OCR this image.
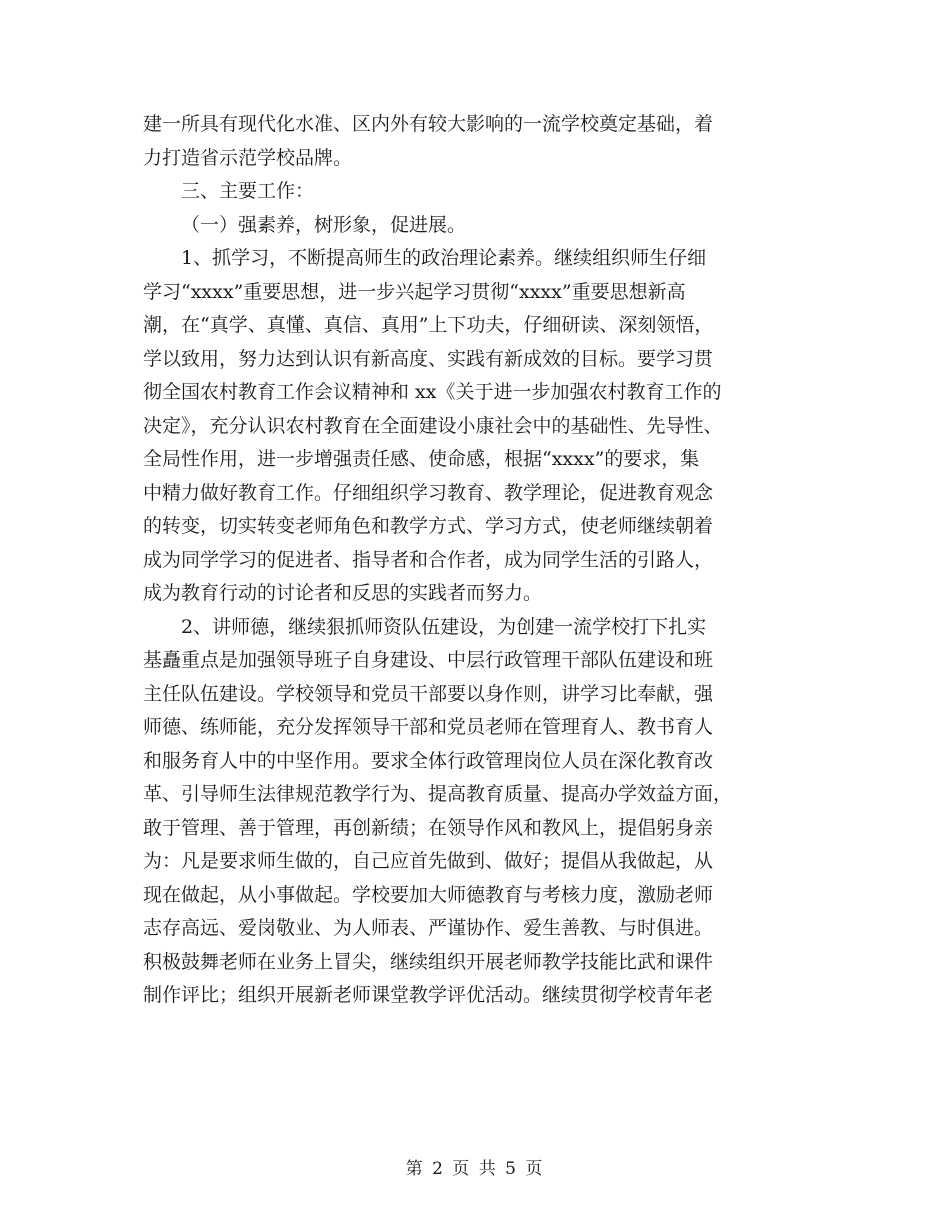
建一所具有现代化水准、区内外有较大影响的一流学校奠定基础，着
力打造省示范学校品牌。
三、主要工作：
（一）强素养，树形象，促进展。
1、抓学习，不断提高师生的政治理论素养。继续组织师生仔细
学习“xxxx”重要思想，进一步兴起学习贯彻“xxxx”重要思想新高
潮，在“真学、真懂、真信、真用”上下功夫，仔细研读、深刻领悟，
学以致用，努力达到认识有新高度、实践有新成效的目标。要学习贯
彻全国农村教育工作会议精神和 xx《关于进一步加强农村教育工作的
决定》，充分认识农村教育在全面建设小康社会中的基础性、先导性、
全局性作用，进一步增强责任感、使命感，根据“xxxx”的要求，集
中精力做好教育工作。仔细组织学习教育、教学理论，促进教育观念
的转变，切实转变老师角色和教学方式、学习方式，使老师继续朝着
成为同学学习的促进者、指导者和合作者，成为同学生活的引路人，
成为教育行动的讨论者和反思的实践者而努力。
2、讲师德，继续狠抓师资队伍建设，为创建一流学校打下扎实
基矗重点是加强领导班子自身建设、中层行政管理干部队伍建设和班
主任队伍建设。学校领导和党员干部要以身作则，讲学习比奉献，强
师德、练师能，充分发挥领导干部和党员老师在管理育人、教书育人
和服务育人中的中坚作用。要求全体行政管理岗位人员在深化教育改
革、引导师生法律规范教学行为、提高教育质量、提高办学效益方面，
敢于管理、善于管理，再创新绩；在领导作风和教风上，提倡躬身亲
为：凡是要求师生做的，自己应首先做到、做好；提倡从我做起，从
现在做起，从小事做起。学校要加大师德教育与考核力度，激励老师
志存高远、爱岗敬业、为人师表、严谨协作、爱生善教、与时俱进。
积极鼓舞老师在业务上冒尖，继续组织开展老师教学技能比武和课件
制作评比；组织开展新老师课堂教学评优活动。继续贯彻学校青年老
第 2 页 共 5 页
